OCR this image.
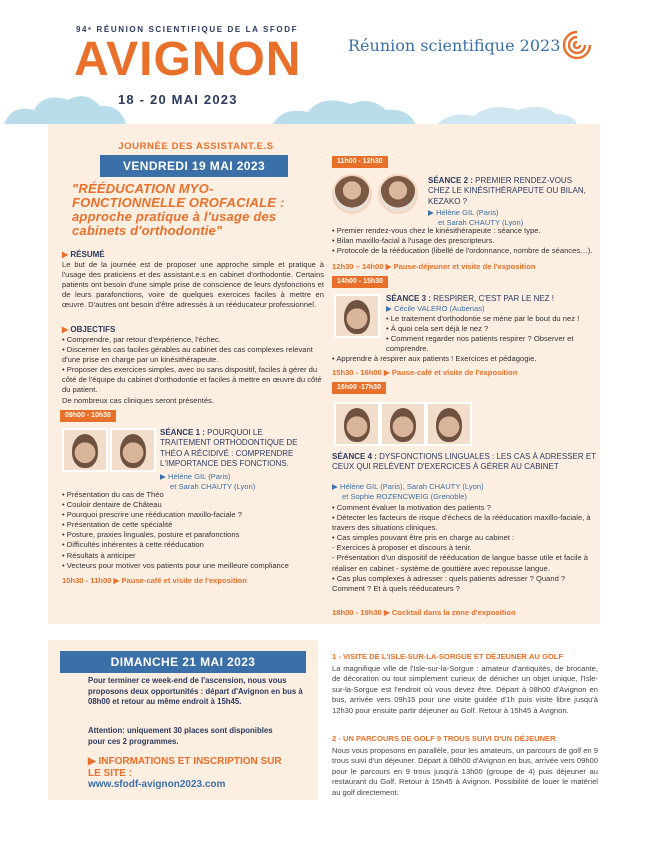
94ᵉ RÉUNION SCIENTIFIQUE DE LA SFODF
AVIGNON
18 - 20 MAI 2023
Réunion scientifique 2023
JOURNÉE DES ASSISTANT.E.S
VENDREDI 19 MAI 2023
"RÉÉDUCATION MYO-FONCTIONNELLE OROFACIALE : approche pratique à l'usage des cabinets d'orthodontie"
▶ RÉSUMÉ
Le but de la journée est de proposer une approche simple et pratique à l'usage des praticiens et des assistant.e.s en cabinet d'orthodontie. Certains patients ont besoin d'une simple prise de conscience de leurs dysfonctions et de leurs parafonctions, voire de quelques exercices faciles à mettre en œuvre. D'autres ont besoin d'être adressés à un rééducateur professionnel.
▶ OBJECTIFS
• Comprendre, par retour d'expérience, l'échec.
• Discerner les cas faciles gérables au cabinet des cas complexes relevant d'une prise en charge par un kinésithérapeute.
• Proposer des exercices simples, avec ou sans dispositif, faciles à gérer du côté de l'équipe du cabinet d'orthodontie et faciles à mettre en œuvre du côté du patient.
De nombreux cas cliniques seront présentés.
09h00 - 10h30
SÉANCE 1 : POURQUOI LE TRAITEMENT ORTHODONTIQUE DE THÉO A RÉCIDIVÉ : COMPRENDRE L'IMPORTANCE DES FONCTIONS.
▶ Hélène GIL (Paris)
et Sarah CHAUTY (Lyon)
• Présentation du cas de Théo
• Couloir dentaire de Château
• Pourquoi prescrire une rééducation maxillo-faciale ?
• Présentation de cette spécialité
• Posture, praxies linguales, posture et parafonctions
• Difficultés inhérentes à cette rééducation
• Résultats à anticiper
• Vecteurs pour motiver vos patients pour une meilleure compliance
10h30 - 11h00 ▶ Pause-café et visite de l'exposition
11h00 - 12h30
SÉANCE 2 : PREMIER RENDEZ-VOUS CHEZ LE KINÉSITHÉRAPEUTE OU BILAN, KEZAKO ?
▶ Hélène GIL (Paris)
et Sarah CHAUTY (Lyon)
• Premier rendez-vous chez le kinésithérapeute : séance type.
• Bilan maxillo-facial à l'usage des prescripteurs.
• Protocole de la rééducation (libellé de l'ordonnance, nombre de séances…).
12h30 – 14h00 ▶ Pause-déjeuner et visite de l'exposition
14h00 - 15h30
SÉANCE 3 : RESPIRER, C'EST PAR LE NEZ !
▶ Cécile VALERO (Aubenas)
• Le traitement d'orthodontie se mène par le bout du nez !
• À quoi cela sert déjà le nez ?
• Comment regarder nos patients respirer ? Observer et comprendre.
• Apprendre à respirer aux patients ! Exercices et pédagogie.
15h30 - 16h00 ▶ Pause-café et visite de l'exposition
16h00 -17h30
SÉANCE 4 : DYSFONCTIONS LINGUALES : LES CAS À ADRESSER ET CEUX QUI RELÈVENT D'EXERCICES À GÉRER AU CABINET
▶ Hélène GIL (Paris), Sarah CHAUTY (Lyon)
et Sophie ROZENCWEIG (Grenoble)
• Comment évaluer la motivation des patients ?
• Détecter les facteurs de risque d'échecs de la rééducation maxillo-faciale, à travers des situations cliniques.
• Cas simples pouvant être pris en charge au cabinet :
- Exercices à proposer et discours à tenir.
- Présentation d'un dispositif de rééducation de langue basse utile et facile à réaliser en cabinet - système de gouttière avec repousse langue.
• Cas plus complexes à adresser : quels patients adresser ? Quand ? Comment ? Et à quels rééducateurs ?
18h00 - 19h30 ▶ Cocktail dans la zone d'exposition
DIMANCHE 21 MAI 2023
Pour terminer ce week-end de l'ascension, nous vous proposons deux opportunités : départ d'Avignon en bus à 08h00 et retour au même endroit à 15h45.
Attention: uniquement 30 places sont disponibles pour ces 2 programmes.
▶ INFORMATIONS ET INSCRIPTION SUR LE SITE :
www.sfodf-avignon2023.com
1 - VISITE DE L'ISLE-SUR-LA-SORGUE ET DÉJEUNER AU GOLF
La magnifique ville de l'Isle-sur-la-Sorgue : amateur d'antiquités, de brocante, de décoration ou tout simplement curieux de dénicher un objet unique, l'Isle-sur-la-Sorgue est l'endroit où vous devez être. Départ à 08h00 d'Avignon en bus, arrivée vers 09h15 pour une visite guidée d'1h puis visite libre jusqu'à 12h30 pour ensuite partir déjeuner au Golf. Retour à 15h45 à Avignon.
2 - UN PARCOURS DE GOLF 9 TROUS SUIVI D'UN DÉJEUNER
Nous vous proposons en parallèle, pour les amateurs, un parcours de golf en 9 trous suivi d'un déjeuner. Départ à 08h00 d'Avignon en bus, arrivée vers 09h00 pour le parcours en 9 trous jusqu'à 13h00 (groupe de 4) puis déjeuner au restaurant du Golf. Retour à 15h45 à Avignon. Possibilité de louer le matériel au golf directement.
